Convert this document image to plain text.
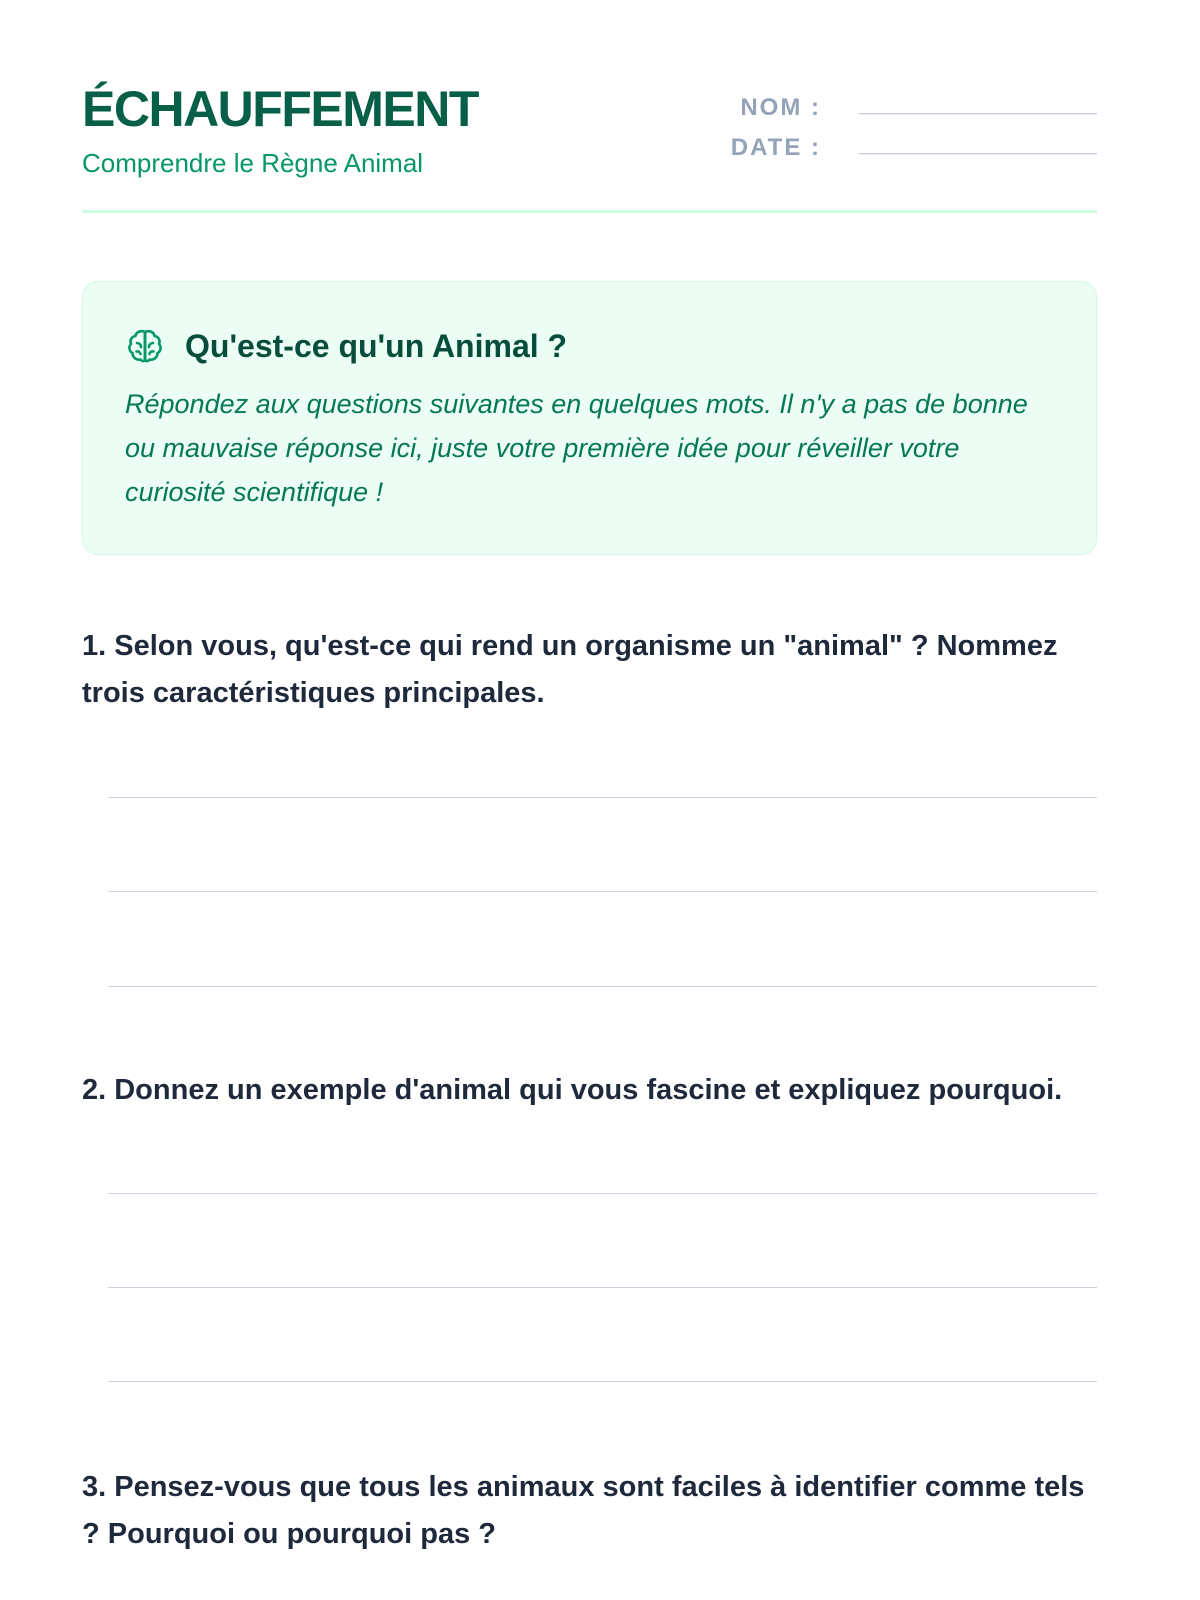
ÉCHAUFFEMENT
Comprendre le Règne Animal
NOM : ______________________
DATE : ______________________
Qu'est-ce qu'un Animal ?
Répondez aux questions suivantes en quelques mots. Il n'y a pas de bonne ou mauvaise réponse ici, juste votre première idée pour réveiller votre curiosité scientifique !
1. Selon vous, qu'est-ce qui rend un organisme un "animal" ? Nommez trois caractéristiques principales.
2. Donnez un exemple d'animal qui vous fascine et expliquez pourquoi.
3. Pensez-vous que tous les animaux sont faciles à identifier comme tels ? Pourquoi ou pourquoi pas ?
